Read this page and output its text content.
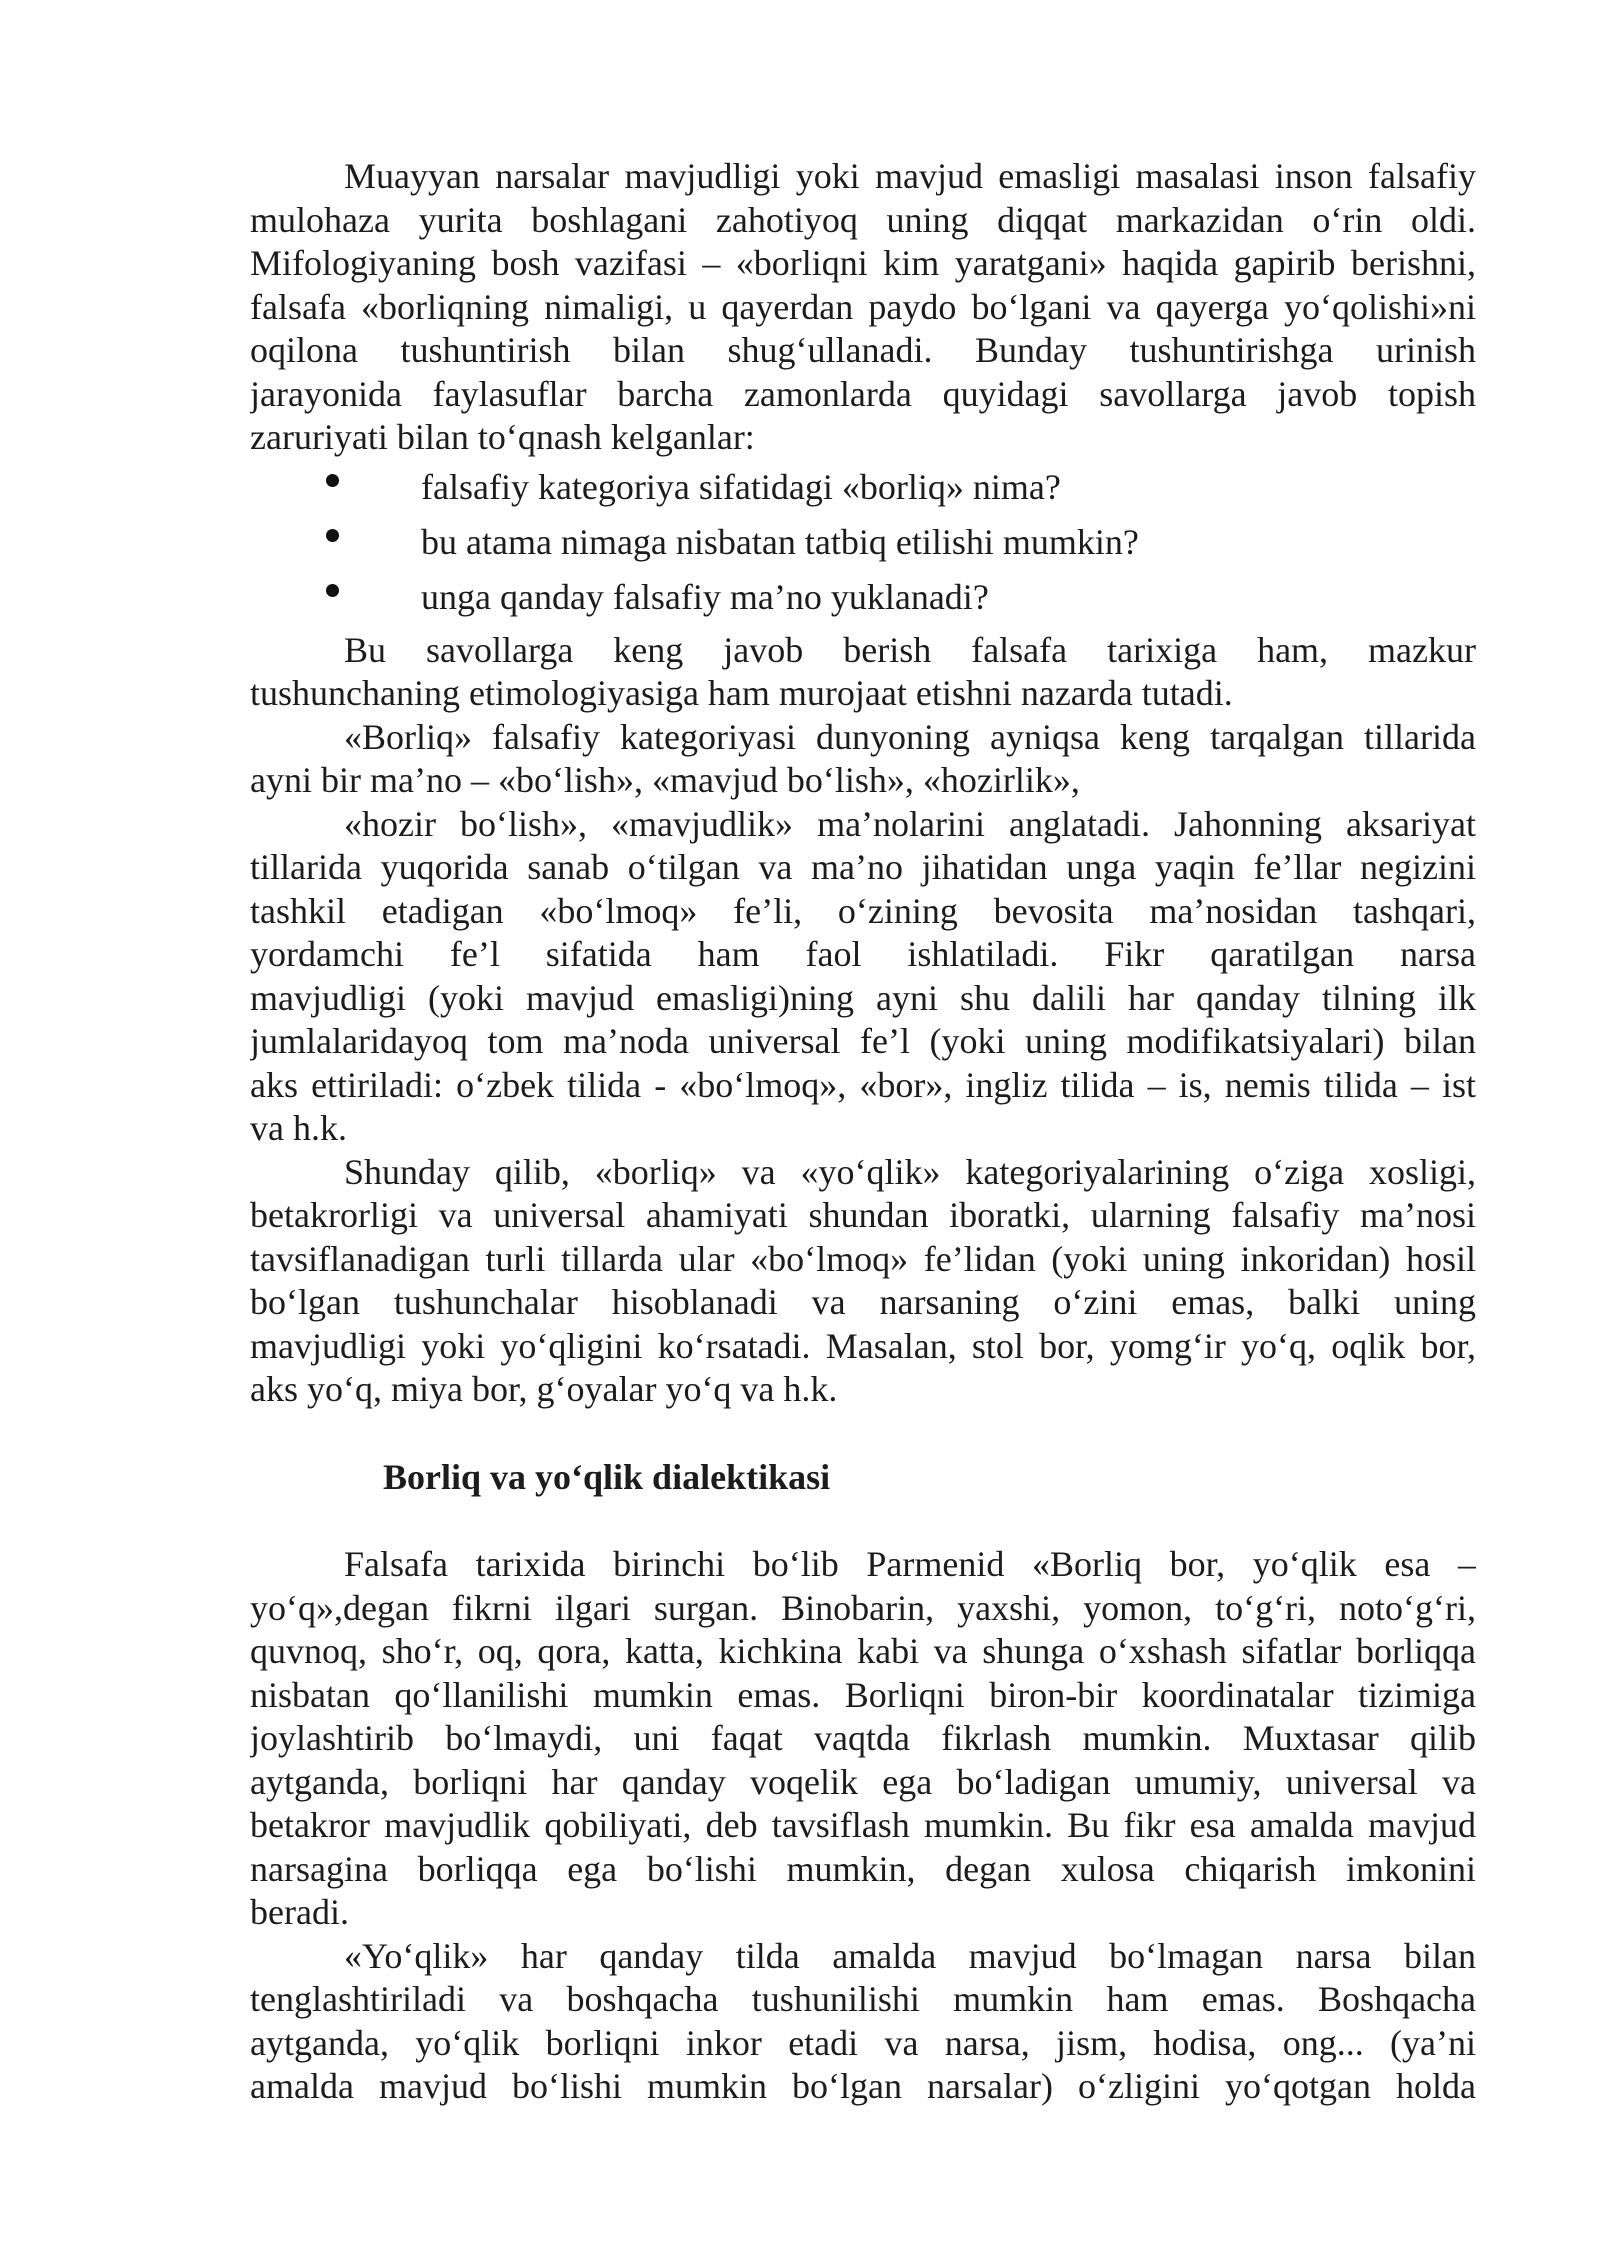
Muayyan narsalar mavjudligi yoki mavjud emasligi masalasi inson falsafiy
mulohaza yurita boshlagani zahotiyoq uning diqqat markazidan o‘rin oldi.
Mifologiyaning bosh vazifasi – «borliqni kim yaratgani» haqida gapirib berishni,
falsafa «borliqning nimaligi, u qayerdan paydo bo‘lgani va qayerga yo‘qolishi»ni
oqilona tushuntirish bilan shug‘ullanadi. Bunday tushuntirishga urinish
jarayonida faylasuflar barcha zamonlarda quyidagi savollarga javob topish
zaruriyati bilan to‘qnash kelganlar:
falsafiy kategoriya sifatidagi «borliq» nima?
bu atama nimaga nisbatan tatbiq etilishi mumkin?
unga qanday falsafiy ma’no yuklanadi?
Bu savollarga keng javob berish falsafa tarixiga ham, mazkur
tushunchaning etimologiyasiga ham murojaat etishni nazarda tutadi.
«Borliq» falsafiy kategoriyasi dunyoning ayniqsa keng tarqalgan tillarida
ayni bir ma’no – «bo‘lish», «mavjud bo‘lish», «hozirlik»,
«hozir bo‘lish», «mavjudlik» ma’nolarini anglatadi. Jahonning aksariyat
tillarida yuqorida sanab o‘tilgan va ma’no jihatidan unga yaqin fe’llar negizini
tashkil etadigan «bo‘lmoq» fe’li, o‘zining bevosita ma’nosidan tashqari,
yordamchi fe’l sifatida ham faol ishlatiladi. Fikr qaratilgan narsa
mavjudligi (yoki mavjud emasligi)ning ayni shu dalili har qanday tilning ilk
jumlalaridayoq tom ma’noda universal fe’l (yoki uning modifikatsiyalari) bilan
aks ettiriladi: o‘zbek tilida - «bo‘lmoq», «bor», ingliz tilida – is, nemis tilida – ist
va h.k.
Shunday qilib, «borliq» va «yo‘qlik» kategoriyalarining o‘ziga xosligi,
betakrorligi va universal ahamiyati shundan iboratki, ularning falsafiy ma’nosi
tavsiflanadigan turli tillarda ular «bo‘lmoq» fe’lidan (yoki uning inkoridan) hosil
bo‘lgan tushunchalar hisoblanadi va narsaning o‘zini emas, balki uning
mavjudligi yoki yo‘qligini ko‘rsatadi. Masalan, stol bor, yomg‘ir yo‘q, oqlik bor,
aks yo‘q, miya bor, g‘oyalar yo‘q va h.k.
Borliq va yo‘qlik dialektikasi
Falsafa tarixida birinchi bo‘lib Parmenid «Borliq bor, yo‘qlik esa –
yo‘q»,degan fikrni ilgari surgan. Binobarin, yaxshi, yomon, to‘g‘ri, noto‘g‘ri,
quvnoq, sho‘r, oq, qora, katta, kichkina kabi va shunga o‘xshash sifatlar borliqqa
nisbatan qo‘llanilishi mumkin emas. Borliqni biron-bir koordinatalar tizimiga
joylashtirib bo‘lmaydi, uni faqat vaqtda fikrlash mumkin. Muxtasar qilib
aytganda, borliqni har qanday voqelik ega bo‘ladigan umumiy, universal va
betakror mavjudlik qobiliyati, deb tavsiflash mumkin. Bu fikr esa amalda mavjud
narsagina borliqqa ega bo‘lishi mumkin, degan xulosa chiqarish imkonini
beradi.
«Yo‘qlik» har qanday tilda amalda mavjud bo‘lmagan narsa bilan
tenglashtiriladi va boshqacha tushunilishi mumkin ham emas. Boshqacha
aytganda, yo‘qlik borliqni inkor etadi va narsa, jism, hodisa, ong... (ya’ni
amalda mavjud bo‘lishi mumkin bo‘lgan narsalar) o‘zligini yo‘qotgan holda
